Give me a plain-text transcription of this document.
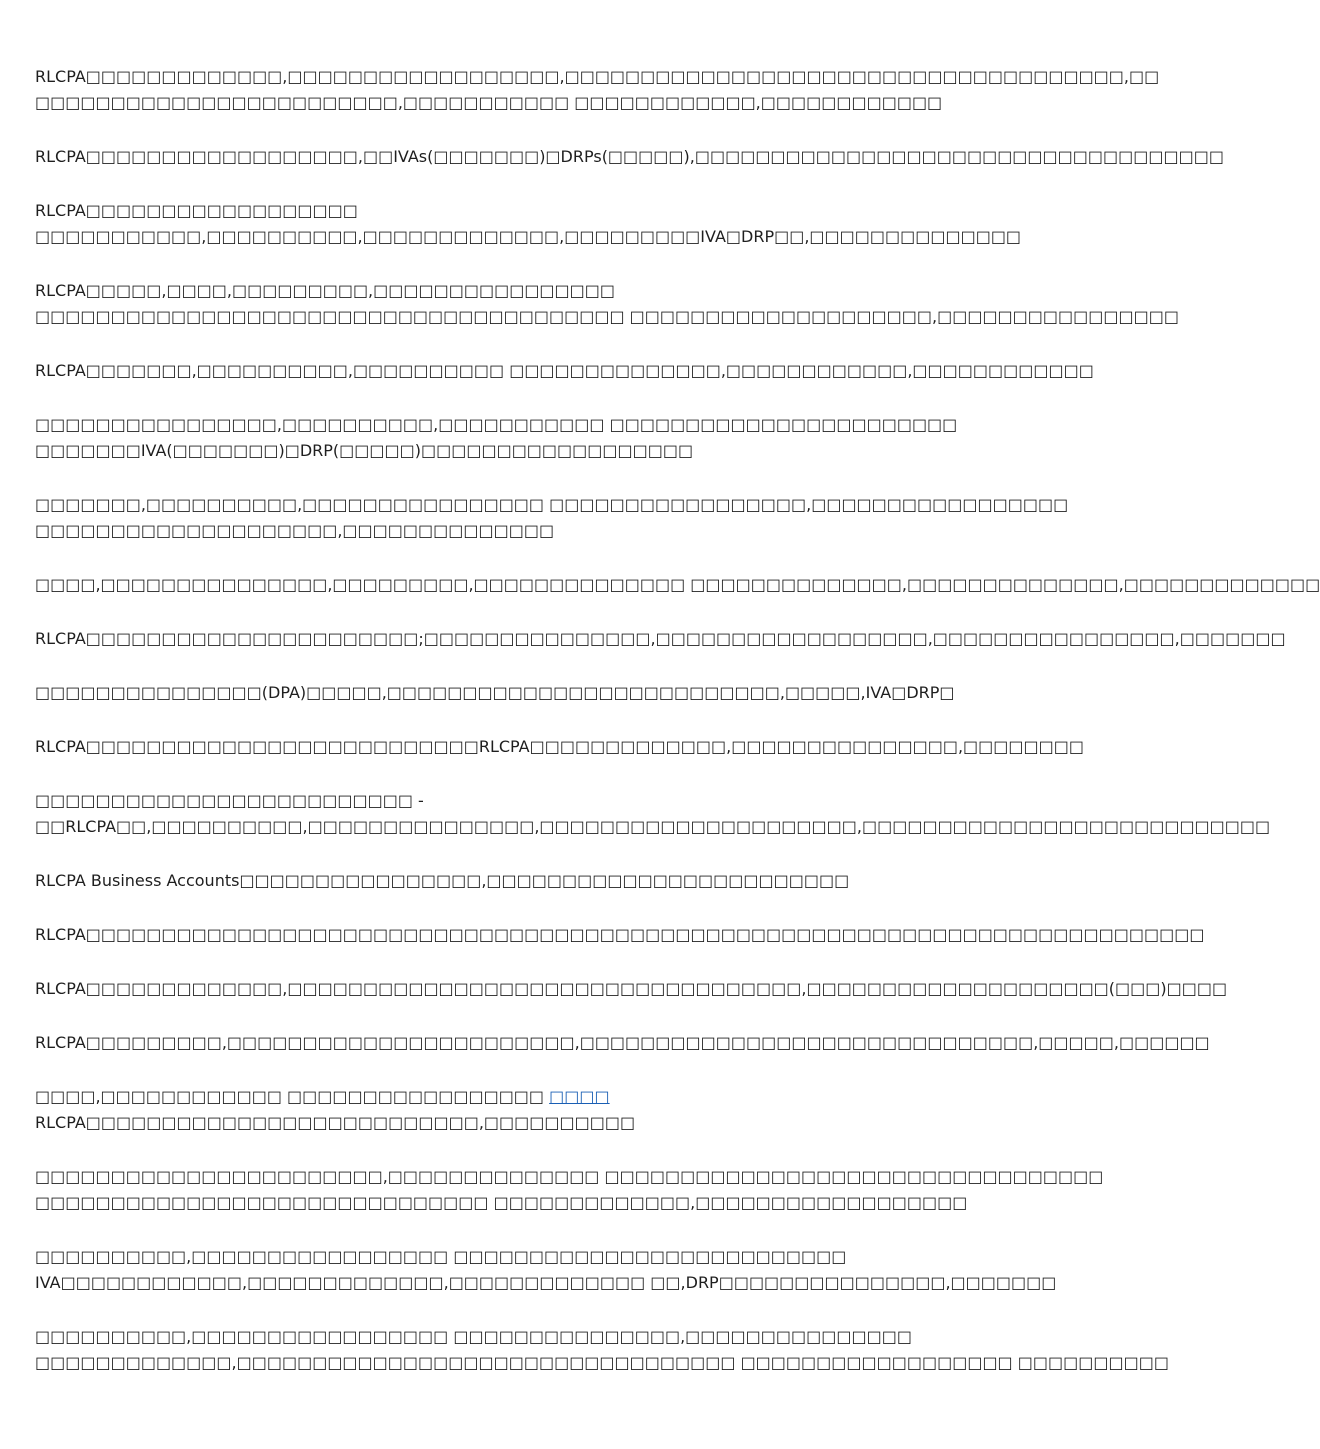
RLCPA□□□□□□□□□□□□□,□□□□□□□□□□□□□□□□□□,□□□□□□□□□□□□□□□□□□□□□□□□□□□□□□□□□□□□□,□□
□□□□□□□□□□□□□□□□□□□□□□□□,□□□□□□□□□□□ □□□□□□□□□□□□,□□□□□□□□□□□□
RLCPA□□□□□□□□□□□□□□□□□□,□□IVAs(□□□□□□□)□DRPs(□□□□□),□□□□□□□□□□□□□□□□□□□□□□□□□□□□□□□□□□□
RLCPA□□□□□□□□□□□□□□□□□□
□□□□□□□□□□□,□□□□□□□□□□,□□□□□□□□□□□□□,□□□□□□□□□IVA□DRP□□,□□□□□□□□□□□□□□
RLCPA□□□□□,□□□□,□□□□□□□□□,□□□□□□□□□□□□□□□□
□□□□□□□□□□□□□□□□□□□□□□□□□□□□□□□□□□□□□□□ □□□□□□□□□□□□□□□□□□□□,□□□□□□□□□□□□□□□□
RLCPA□□□□□□□,□□□□□□□□□□,□□□□□□□□□□ □□□□□□□□□□□□□□,□□□□□□□□□□□□,□□□□□□□□□□□□
□□□□□□□□□□□□□□□□,□□□□□□□□□□,□□□□□□□□□□□ □□□□□□□□□□□□□□□□□□□□□□□
□□□□□□□IVA(□□□□□□□)□DRP(□□□□□)□□□□□□□□□□□□□□□□□□
□□□□□□□,□□□□□□□□□□,□□□□□□□□□□□□□□□□ □□□□□□□□□□□□□□□□□,□□□□□□□□□□□□□□□□□
□□□□□□□□□□□□□□□□□□□□,□□□□□□□□□□□□□□
□□□□,□□□□□□□□□□□□□□□,□□□□□□□□□,□□□□□□□□□□□□□□ □□□□□□□□□□□□□□,□□□□□□□□□□□□□□,□□□□□□□□□□□□□
RLCPA□□□□□□□□□□□□□□□□□□□□□□;□□□□□□□□□□□□□□□,□□□□□□□□□□□□□□□□□□,□□□□□□□□□□□□□□□□,□□□□□□□
□□□□□□□□□□□□□□□(DPA)□□□□□,□□□□□□□□□□□□□□□□□□□□□□□□□□,□□□□□,IVA□DRP□
RLCPA□□□□□□□□□□□□□□□□□□□□□□□□□□RLCPA□□□□□□□□□□□□□,□□□□□□□□□□□□□□□,□□□□□□□□
□□□□□□□□□□□□□□□□□□□□□□□□□ -
□□RLCPA□□,□□□□□□□□□□,□□□□□□□□□□□□□□□,□□□□□□□□□□□□□□□□□□□□□,□□□□□□□□□□□□□□□□□□□□□□□□□□□
RLCPA Business Accounts□□□□□□□□□□□□□□□□,□□□□□□□□□□□□□□□□□□□□□□□□
RLCPA□□□□□□□□□□□□□□□□□□□□□□□□□□□□□□□□□□□□□□□□□□□□□□□□□□□□□□□□□□□□□□□□□□□□□□□□□□
RLCPA□□□□□□□□□□□□□,□□□□□□□□□□□□□□□□□□□□□□□□□□□□□□□□□□,□□□□□□□□□□□□□□□□□□□□(□□□)□□□□
RLCPA□□□□□□□□□,□□□□□□□□□□□□□□□□□□□□□□□,□□□□□□□□□□□□□□□□□□□□□□□□□□□□□□,□□□□□,□□□□□□
□□□□,□□□□□□□□□□□□ □□□□□□□□□□□□□□□□□ □□□□
RLCPA□□□□□□□□□□□□□□□□□□□□□□□□□□,□□□□□□□□□□
□□□□□□□□□□□□□□□□□□□□□□□,□□□□□□□□□□□□□□ □□□□□□□□□□□□□□□□□□□□□□□□□□□□□□□□□
□□□□□□□□□□□□□□□□□□□□□□□□□□□□□□ □□□□□□□□□□□□□,□□□□□□□□□□□□□□□□□□
□□□□□□□□□□,□□□□□□□□□□□□□□□□□ □□□□□□□□□□□□□□□□□□□□□□□□□□
IVA□□□□□□□□□□□□,□□□□□□□□□□□□□,□□□□□□□□□□□□□ □□,DRP□□□□□□□□□□□□□□□,□□□□□□□
□□□□□□□□□□,□□□□□□□□□□□□□□□□□ □□□□□□□□□□□□□□□,□□□□□□□□□□□□□□□
□□□□□□□□□□□□□,□□□□□□□□□□□□□□□□□□□□□□□□□□□□□□□□□ □□□□□□□□□□□□□□□□□□ □□□□□□□□□□
